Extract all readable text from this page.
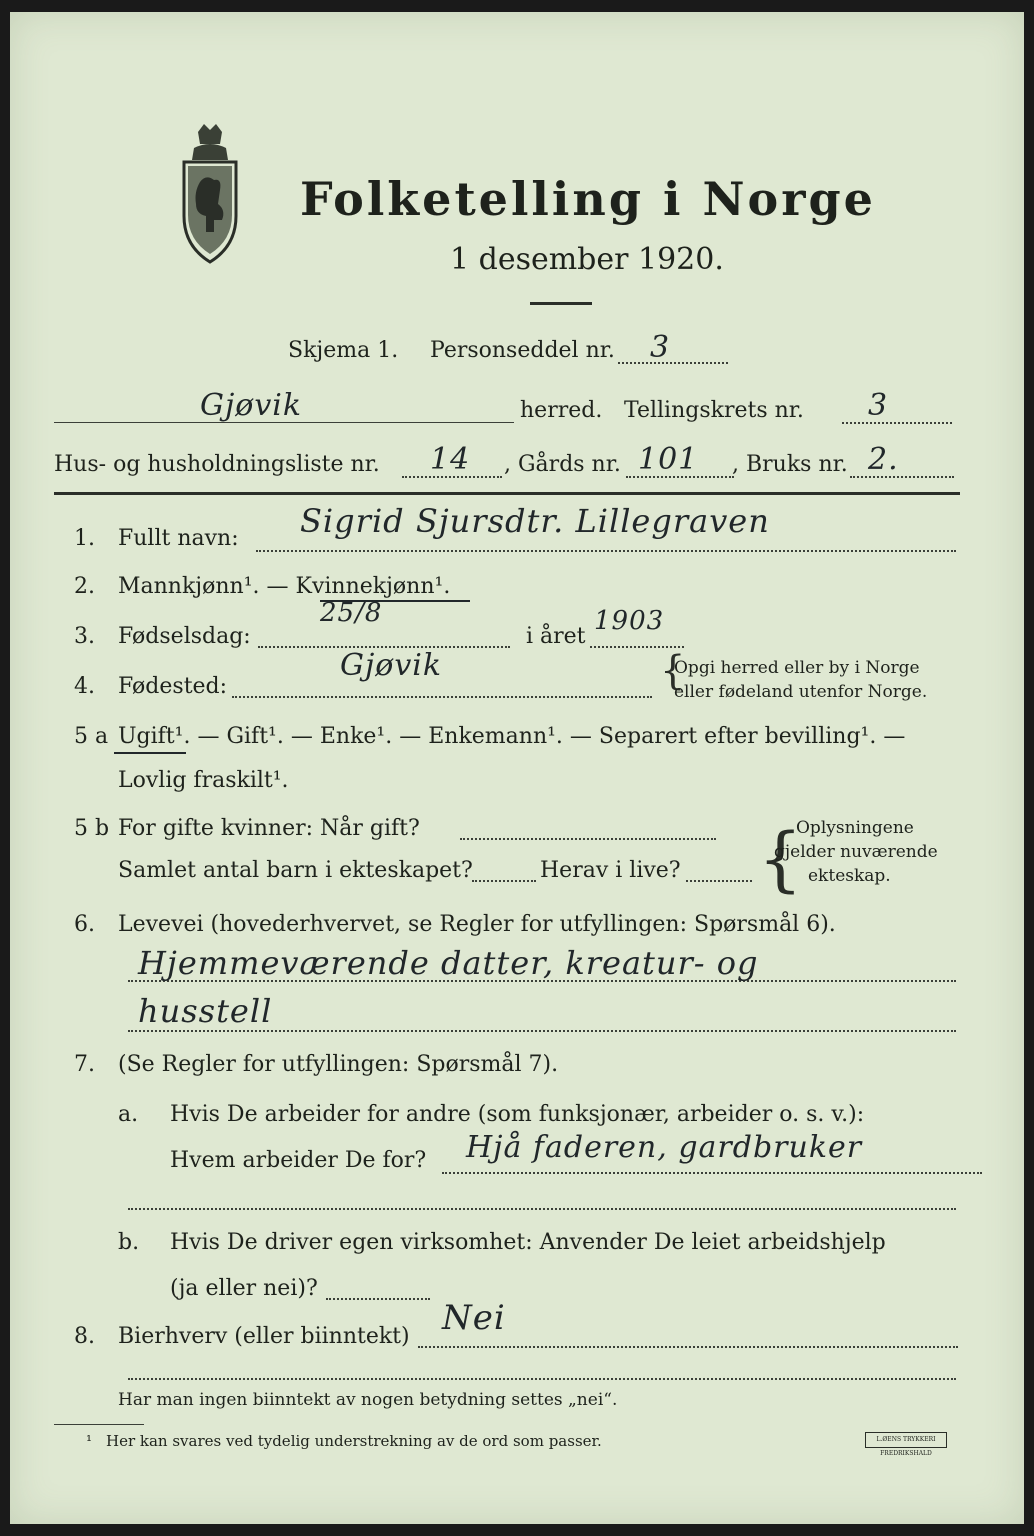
Folketelling i Norge
1 desember 1920.
Skjema 1. Personseddel nr. 3
Gjøvik	herred. Tellingskrets nr. 3
Hus- og husholdningsliste nr. 14 , Gårds nr. 101 , Bruks nr. 2.
1. Fullt navn: Sigrid Sjursdtr. Lillegraven
2. Mannkjønn¹. — Kvinnekjønn¹.
3. Fødselsdag:
25/8
i året
1903
4. Fødested:
Gjøvik	{
Opgi herred eller by i Norge
eller fødeland utenfor Norge.
5 a Ugift¹. — Gift¹. — Enke¹. — Enkemann¹. — Separert efter bevilling¹. —
Lovlig fraskilt¹.
5 b For gifte kvinner: Når gift?
Samlet antal barn i ekteskapet?	Herav i live? {
Oplysningene
gjelder nuværende
ekteskap.
6. Levevei (hovederhvervet, se Regler for utfyllingen: Spørsmål 6).
Hjemmeværende datter, kreatur- og
husstell
7. (Se Regler for utfyllingen: Spørsmål 7).
a. Hvis De arbeider for andre (som funksjonær, arbeider o. s. v.):
Hvem arbeider De for? Hjå faderen, gardbruker
b. Hvis De driver egen virksomhet: Anvender De leiet arbeidshjelp
(ja eller nei)?
8. Bierhverv (eller biinntekt) Nei
Har man ingen biinntekt av nogen betydning settes „nei“.
¹ Her kan svares ved tydelig understrekning av de ord som passer.	L.ØENS TRYKKERI FREDRIKSHALD
